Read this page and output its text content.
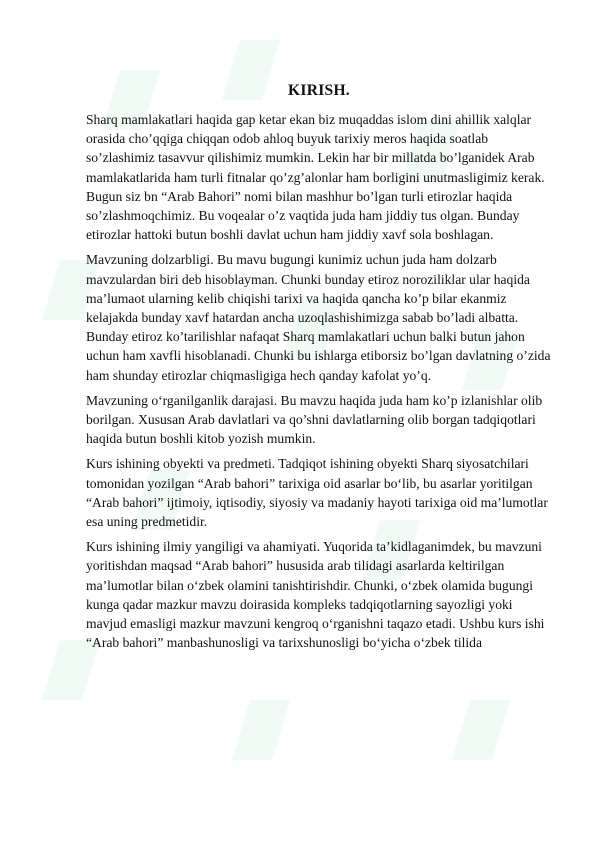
KIRISH.

Sharq mamlakatlari haqida gap ketar ekan biz muqaddas islom dini ahillik xalqlar orasida cho’qqiga chiqqan odob ahloq buyuk tarixiy meros haqida soatlab so’zlashimiz tasavvur qilishimiz mumkin. Lekin har bir millatda bo’lganidek Arab mamlakatlarida ham turli fitnalar qo’zg’alonlar ham borligini unutmasligimiz kerak. Bugun siz bn “Arab Bahori” nomi bilan mashhur bo’lgan turli etirozlar haqida so’zlashmoqchimiz. Bu voqealar o’z vaqtida juda ham jiddiy tus olgan. Bunday etirozlar hattoki butun boshli davlat uchun ham jiddiy xavf sola boshlagan.

Mavzuning dolzarbligi. Bu mavu bugungi kunimiz uchun juda ham dolzarb mavzulardan biri deb hisoblayman. Chunki bunday etiroz noroziliklar ular haqida ma’lumaot ularning kelib chiqishi tarixi va haqida qancha ko’p bilar ekanmiz kelajakda bunday xavf hatardan ancha uzoqlashishimizga sabab bo’ladi albatta. Bunday etiroz ko’tarilishlar nafaqat Sharq mamlakatlari uchun balki butun jahon uchun ham xavfli hisoblanadi. Chunki bu ishlarga etiborsiz bo’lgan davlatning o’zida ham shunday etirozlar chiqmasligiga hech qanday kafolat yo’q.

Mavzuning o‘rganilganlik darajasi. Bu mavzu haqida juda ham ko’p izlanishlar olib borilgan. Xususan Arab davlatlari va qo’shni davlatlarning olib borgan tadqiqotlari haqida butun boshli kitob yozish mumkin.

Kurs ishining obyekti va predmeti. Tadqiqot ishining obyekti Sharq siyosatchilari tomonidan yozilgan “Arab bahori” tarixiga oid asarlar bo‘lib, bu asarlar yoritilgan “Arab bahori” ijtimoiy, iqtisodiy, siyosiy va madaniy hayoti tarixiga oid ma’lumotlar esa uning predmetidir.

Kurs ishining ilmiy yangiligi va ahamiyati. Yuqorida ta’kidlaganimdek, bu mavzuni yoritishdan maqsad “Arab bahori” hususida arab tilidagi asarlarda keltirilgan ma’lumotlar bilan o‘zbek olamini tanishtirishdir. Chunki, o‘zbek olamida bugungi kunga qadar mazkur mavzu doirasida kompleks tadqiqotlarning sayozligi yoki mavjud emasligi mazkur mavzuni kengroq o‘rganishni taqazo etadi. Ushbu kurs ishi “Arab bahori” manbashunosligi va tarixshunosligi bo‘yicha o‘zbek tilida
